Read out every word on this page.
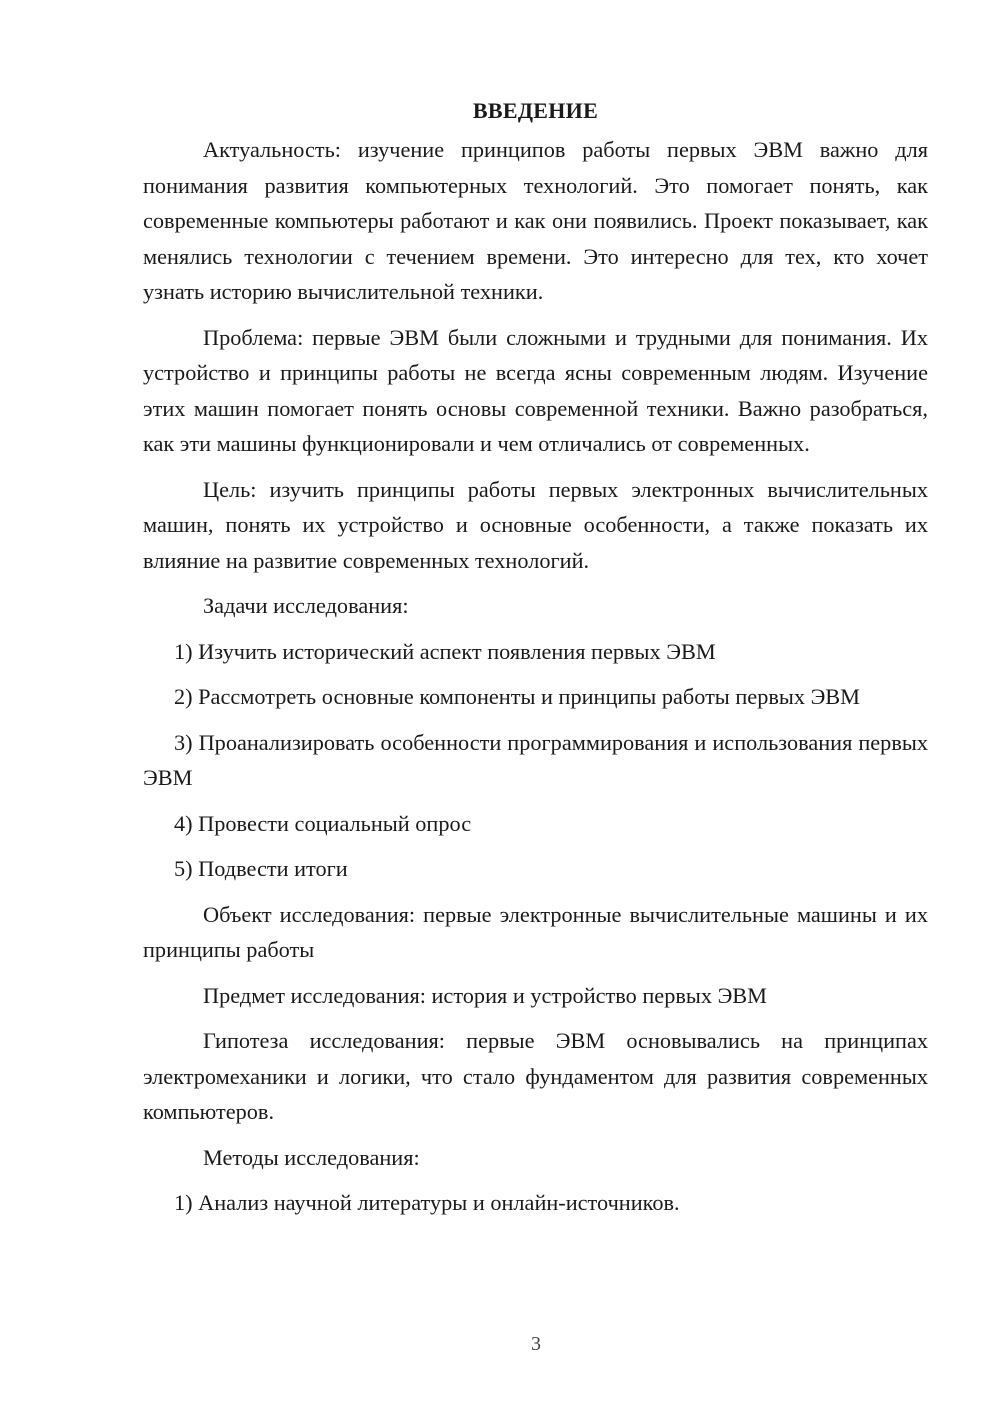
ВВЕДЕНИЕ

Актуальность: изучение принципов работы первых ЭВМ важно для понимания развития компьютерных технологий. Это помогает понять, как современные компьютеры работают и как они появились. Проект показывает, как менялись технологии с течением времени. Это интересно для тех, кто хочет узнать историю вычислительной техники.

Проблема: первые ЭВМ были сложными и трудными для понимания. Их устройство и принципы работы не всегда ясны современным людям. Изучение этих машин помогает понять основы современной техники. Важно разобраться, как эти машины функционировали и чем отличались от современных.

Цель: изучить принципы работы первых электронных вычислительных машин, понять их устройство и основные особенности, а также показать их влияние на развитие современных технологий.

Задачи исследования:

1) Изучить исторический аспект появления первых ЭВМ

2) Рассмотреть основные компоненты и принципы работы первых ЭВМ

3) Проанализировать особенности программирования и использования первых ЭВМ

4) Провести социальный опрос

5) Подвести итоги

Объект исследования: первые электронные вычислительные машины и их принципы работы

Предмет исследования: история и устройство первых ЭВМ

Гипотеза исследования: первые ЭВМ основывались на принципах электромеханики и логики, что стало фундаментом для развития современных компьютеров.

Методы исследования:

1) Анализ научной литературы и онлайн-источников.

3
